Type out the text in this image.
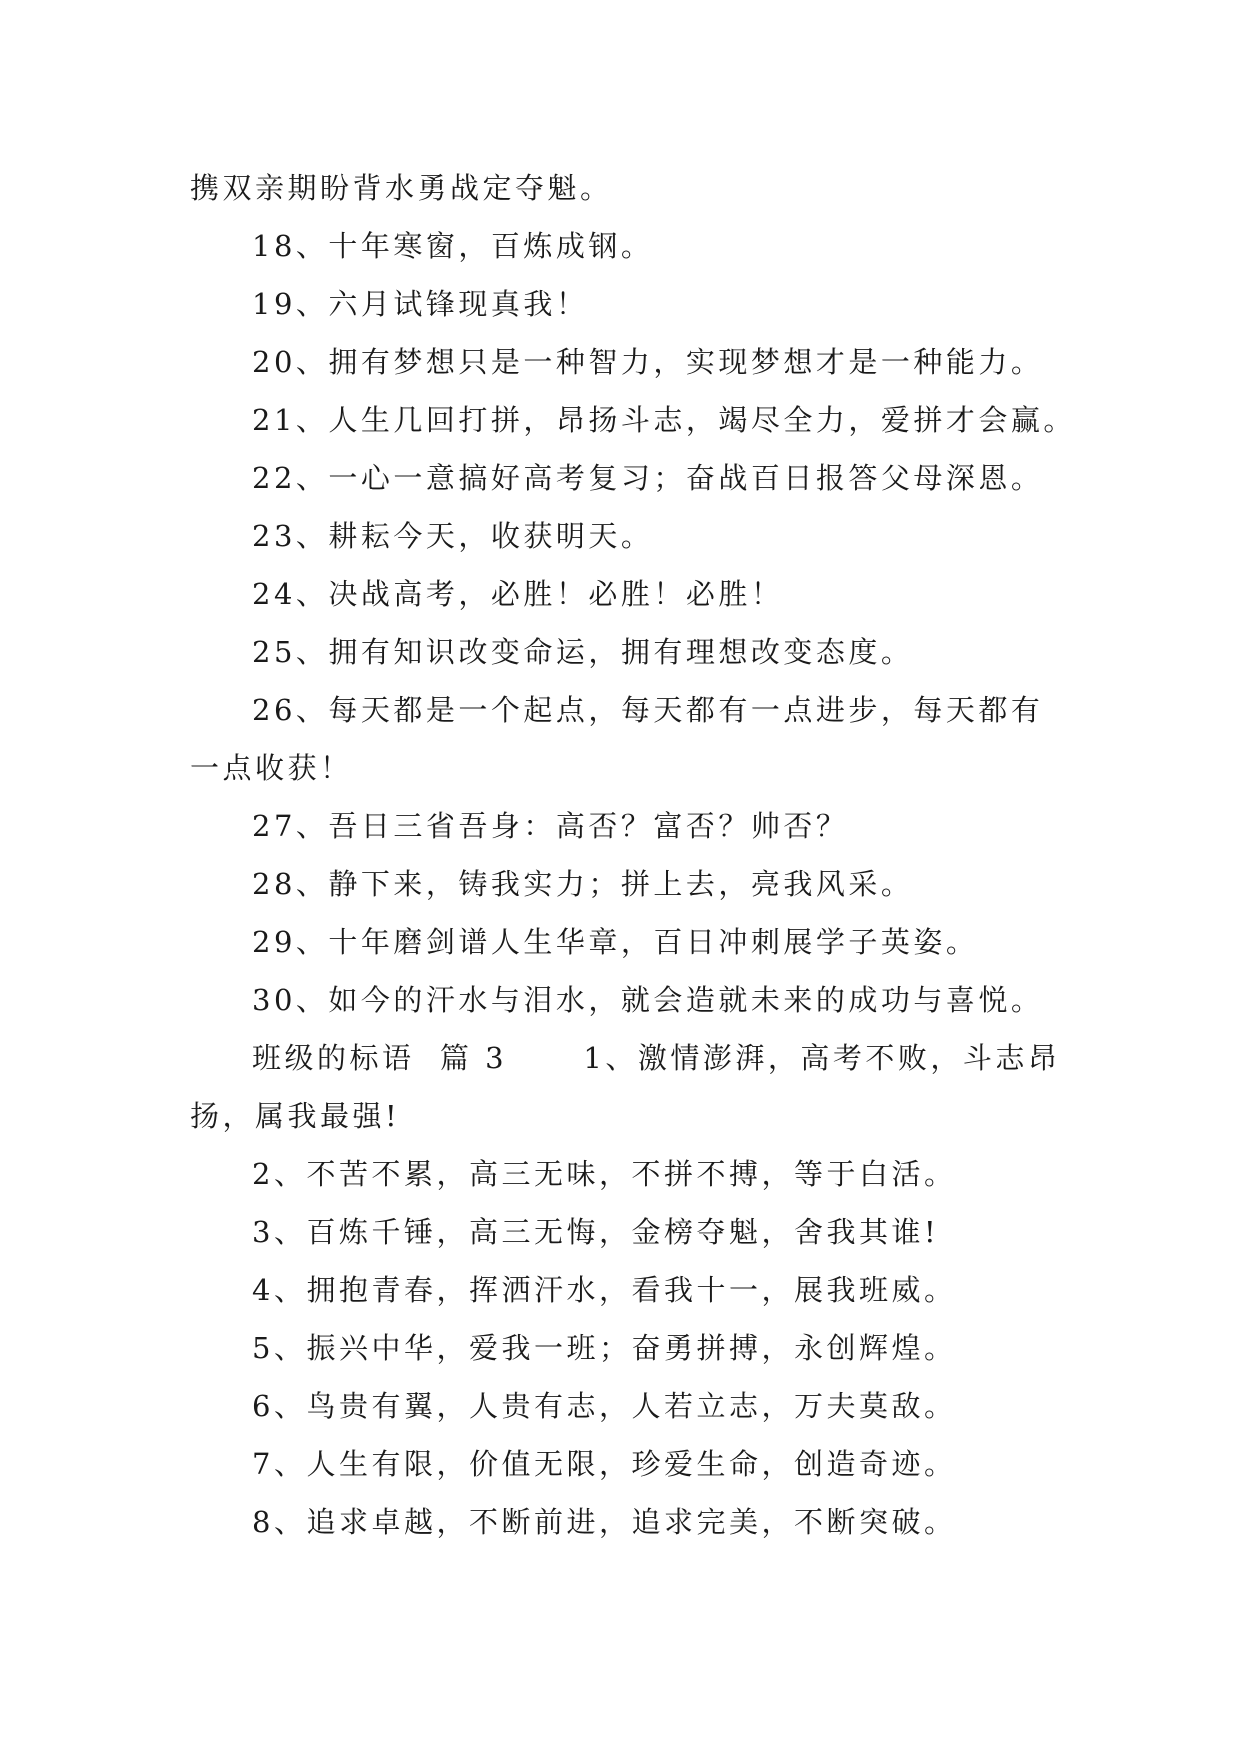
携双亲期盼背水勇战定夺魁。
18、十年寒窗，百炼成钢。
19、六月试锋现真我！
20、拥有梦想只是一种智力，实现梦想才是一种能力。
21、人生几回打拼，昂扬斗志，竭尽全力，爱拼才会赢。
22、一心一意搞好高考复习；奋战百日报答父母深恩。
23、耕耘今天，收获明天。
24、决战高考，必胜！必胜！必胜！
25、拥有知识改变命运，拥有理想改变态度。
26、每天都是一个起点，每天都有一点进步，每天都有
一点收获！
27、吾日三省吾身：高否？富否？帅否？
28、静下来，铸我实力；拼上去，亮我风采。
29、十年磨剑谱人生华章，百日冲刺展学子英姿。
30、如今的汗水与泪水，就会造就未来的成功与喜悦。
班级的标语  篇 3      1、激情澎湃，高考不败，斗志昂
扬，属我最强!
2、不苦不累，高三无味，不拼不搏，等于白活。
3、百炼千锤，高三无悔，金榜夺魁，舍我其谁!
4、拥抱青春，挥洒汗水，看我十一，展我班威。
5、振兴中华，爱我一班；奋勇拼搏，永创辉煌。
6、鸟贵有翼，人贵有志，人若立志，万夫莫敌。
7、人生有限，价值无限，珍爱生命，创造奇迹。
8、追求卓越，不断前进，追求完美，不断突破。
